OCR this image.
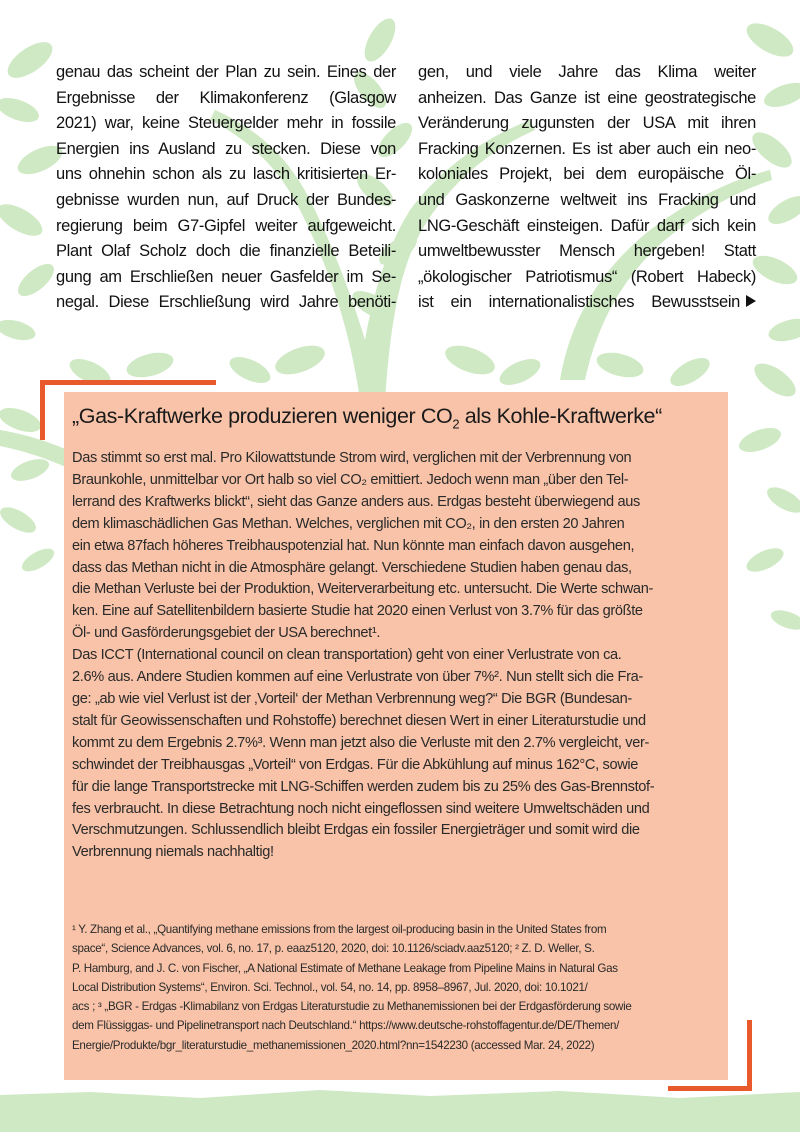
genau das scheint der Plan zu sein. Eines der
Ergebnisse der Klimakonferenz (Glasgow
2021) war, keine Steuergelder mehr in fossile
Energien ins Ausland zu stecken. Diese von
uns ohnehin schon als zu lasch kritisierten Er-
gebnisse wurden nun, auf Druck der Bundes-
regierung beim G7-Gipfel weiter aufgeweicht.
Plant Olaf Scholz doch die finanzielle Beteili-
gung am Erschließen neuer Gasfelder im Se-
negal. Diese Erschließung wird Jahre benöti-
gen, und viele Jahre das Klima weiter
anheizen. Das Ganze ist eine geostrategische
Veränderung zugunsten der USA mit ihren
Fracking Konzernen. Es ist aber auch ein neo-
koloniales Projekt, bei dem europäische Öl-
und Gaskonzerne weltweit ins Fracking und
LNG-Geschäft einsteigen. Dafür darf sich kein
umweltbewusster Mensch hergeben! Statt
„ökologischer Patriotismus“ (Robert Habeck)
ist ein internationalistisches Bewusstsein
„Gas-Kraftwerke produzieren weniger $CO_2$ als Kohle-Kraftwerke“
Das stimmt so erst mal. Pro Kilowattstunde Strom wird, verglichen mit der Verbrennung von
Braunkohle, unmittelbar vor Ort halb so viel CO₂ emittiert. Jedoch wenn man „über den Tel-
lerrand des Kraftwerks blickt“, sieht das Ganze anders aus. Erdgas besteht überwiegend aus
dem klimaschädlichen Gas Methan. Welches, verglichen mit CO₂, in den ersten 20 Jahren
ein etwa 87fach höheres Treibhauspotenzial hat. Nun könnte man einfach davon ausgehen,
dass das Methan nicht in die Atmosphäre gelangt. Verschiedene Studien haben genau das,
die Methan Verluste bei der Produktion, Weiterverarbeitung etc. untersucht. Die Werte schwan-
ken. Eine auf Satellitenbildern basierte Studie hat 2020 einen Verlust von 3.7% für das größte
Öl- und Gasförderungsgebiet der USA berechnet¹.
Das ICCT (International council on clean transportation) geht von einer Verlustrate von ca.
2.6% aus. Andere Studien kommen auf eine Verlustrate von über 7%². Nun stellt sich die Fra-
ge: „ab wie viel Verlust ist der ‚Vorteil‘ der Methan Verbrennung weg?“ Die BGR (Bundesan-
stalt für Geowissenschaften und Rohstoffe) berechnet diesen Wert in einer Literaturstudie und
kommt zu dem Ergebnis 2.7%³. Wenn man jetzt also die Verluste mit den 2.7% vergleicht, ver-
schwindet der Treibhausgas „Vorteil“ von Erdgas. Für die Abkühlung auf minus 162°C, sowie
für die lange Transportstrecke mit LNG-Schiffen werden zudem bis zu 25% des Gas-Brennstof-
fes verbraucht. In diese Betrachtung noch nicht eingeflossen sind weitere Umweltschäden und
Verschmutzungen. Schlussendlich bleibt Erdgas ein fossiler Energieträger und somit wird die
Verbrennung niemals nachhaltig!
¹ Y. Zhang et al., „Quantifying methane emissions from the largest oil-producing basin in the United States from
space“, Science Advances, vol. 6, no. 17, p. eaaz5120, 2020, doi: 10.1126/sciadv.aaz5120; ² Z. D. Weller, S.
P. Hamburg, and J. C. von Fischer, „A National Estimate of Methane Leakage from Pipeline Mains in Natural Gas
Local Distribution Systems“, Environ. Sci. Technol., vol. 54, no. 14, pp. 8958–8967, Jul. 2020, doi: 10.1021/
acs ; ³ „BGR - Erdgas -Klimabilanz von Erdgas Literaturstudie zu Methanemissionen bei der Erdgasförderung sowie
dem Flüssiggas- und Pipelinetransport nach Deutschland.“ https://www.deutsche-rohstoffagentur.de/DE/Themen/
Energie/Produkte/bgr_literaturstudie_methanemissionen_2020.html?nn=1542230 (accessed Mar. 24, 2022)
